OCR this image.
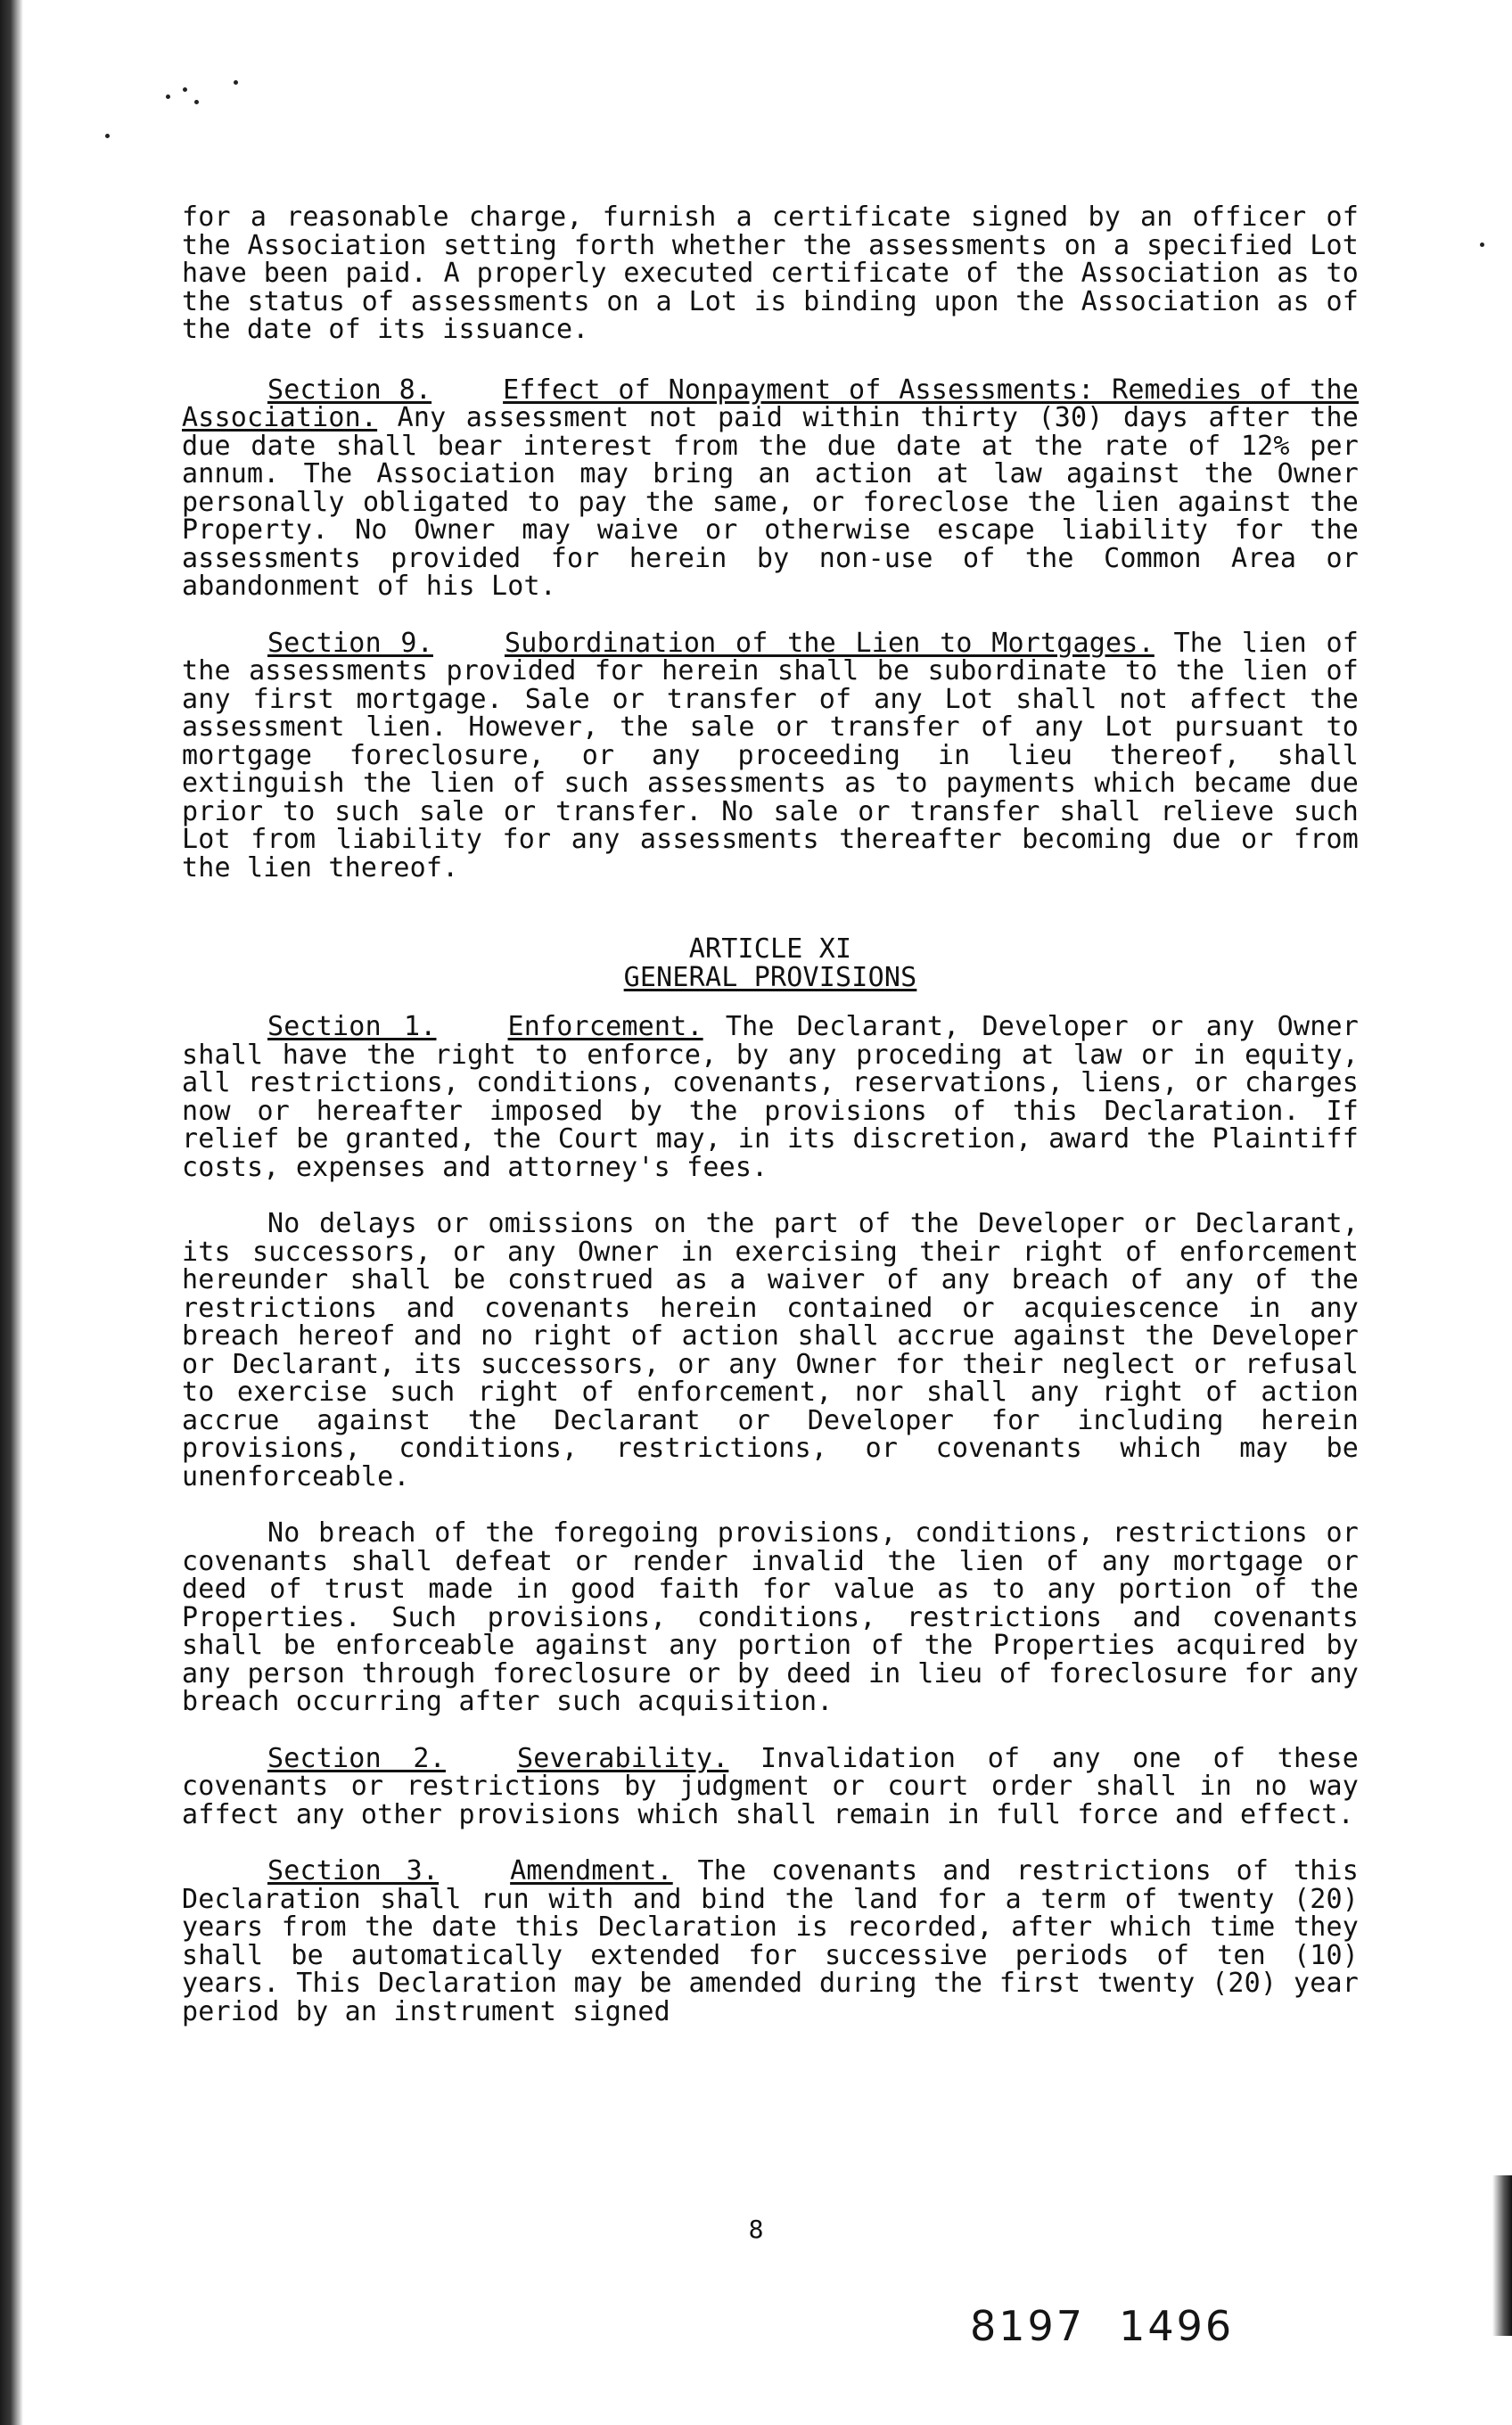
for a reasonable charge, furnish a certificate signed by an officer of the Association setting forth whether the assessments on a specified Lot have been paid. A properly executed certificate of the Association as to the status of assessments on a Lot is binding upon the Association as of the date of its issuance.

Section 8.	Effect of Nonpayment of Assessments: Remedies of the Association. Any assessment not paid within thirty (30) days after the due date shall bear interest from the due date at the rate of 12% per annum. The Association may bring an action at law against the Owner personally obligated to pay the same, or foreclose the lien against the Property. No Owner may waive or otherwise escape liability for the assessments provided for herein by non-use of the Common Area or abandonment of his Lot.

Section 9.	Subordination of the Lien to Mortgages. The lien of the assessments provided for herein shall be subordinate to the lien of any first mortgage. Sale or transfer of any Lot shall not affect the assessment lien. However, the sale or transfer of any Lot pursuant to mortgage foreclosure, or any proceeding in lieu thereof, shall extinguish the lien of such assessments as to payments which became due prior to such sale or transfer. No sale or transfer shall relieve such Lot from liability for any assessments thereafter becoming due or from the lien thereof.

ARTICLE XI
GENERAL PROVISIONS

Section 1.	Enforcement. The Declarant, Developer or any Owner shall have the right to enforce, by any proceding at law or in equity, all restrictions, conditions, covenants, reservations, liens, or charges now or hereafter imposed by the provisions of this Declaration. If relief be granted, the Court may, in its discretion, award the Plaintiff costs, expenses and attorney's fees.

No delays or omissions on the part of the Developer or Declarant, its successors, or any Owner in exercising their right of enforcement hereunder shall be construed as a waiver of any breach of any of the restrictions and covenants herein contained or acquiescence in any breach hereof and no right of action shall accrue against the Developer or Declarant, its successors, or any Owner for their neglect or refusal to exercise such right of enforcement, nor shall any right of action accrue against the Declarant or Developer for including herein provisions, conditions, restrictions, or covenants which may be unenforceable.

No breach of the foregoing provisions, conditions, restrictions or covenants shall defeat or render invalid the lien of any mortgage or deed of trust made in good faith for value as to any portion of the Properties. Such provisions, conditions, restrictions and covenants shall be enforceable against any portion of the Properties acquired by any person through foreclosure or by deed in lieu of foreclosure for any breach occurring after such acquisition.

Section 2.	Severability. Invalidation of any one of these covenants or restrictions by judgment or court order shall in no way affect any other provisions which shall remain in full force and effect.

Section 3.	Amendment. The covenants and restrictions of this Declaration shall run with and bind the land for a term of twenty (20) years from the date this Declaration is recorded, after which time they shall be automatically extended for successive periods of ten (10) years. This Declaration may be amended during the first twenty (20) year period by an instrument signed

8
8197 1496
